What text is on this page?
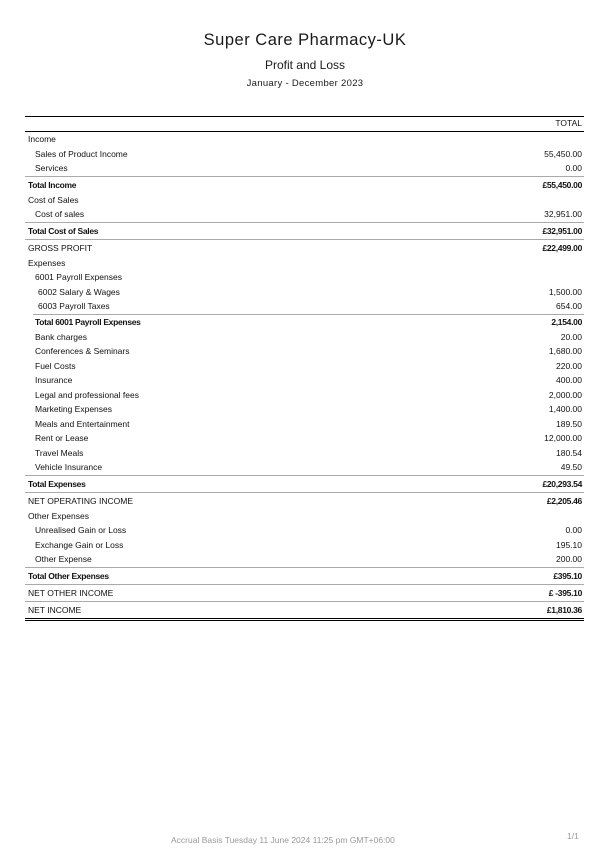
Super Care Pharmacy-UK
Profit and Loss
January - December 2023
TOTAL
Income
Sales of Product Income	55,450.00
Services	0.00
Total Income	£55,450.00
Cost of Sales
Cost of sales	32,951.00
Total Cost of Sales	£32,951.00
GROSS PROFIT	£22,499.00
Expenses
6001 Payroll Expenses
6002 Salary & Wages	1,500.00
6003 Payroll Taxes	654.00
Total 6001 Payroll Expenses	2,154.00
Bank charges	20.00
Conferences & Seminars	1,680.00
Fuel Costs	220.00
Insurance	400.00
Legal and professional fees	2,000.00
Marketing Expenses	1,400.00
Meals and Entertainment	189.50
Rent or Lease	12,000.00
Travel Meals	180.54
Vehicle Insurance	49.50
Total Expenses	£20,293.54
NET OPERATING INCOME	£2,205.46
Other Expenses
Unrealised Gain or Loss	0.00
Exchange Gain or Loss	195.10
Other Expense	200.00
Total Other Expenses	£395.10
NET OTHER INCOME	£ -395.10
NET INCOME	£1,810.36
Accrual Basis Tuesday 11 June 2024 11:25 pm GMT+06:00	1/1
